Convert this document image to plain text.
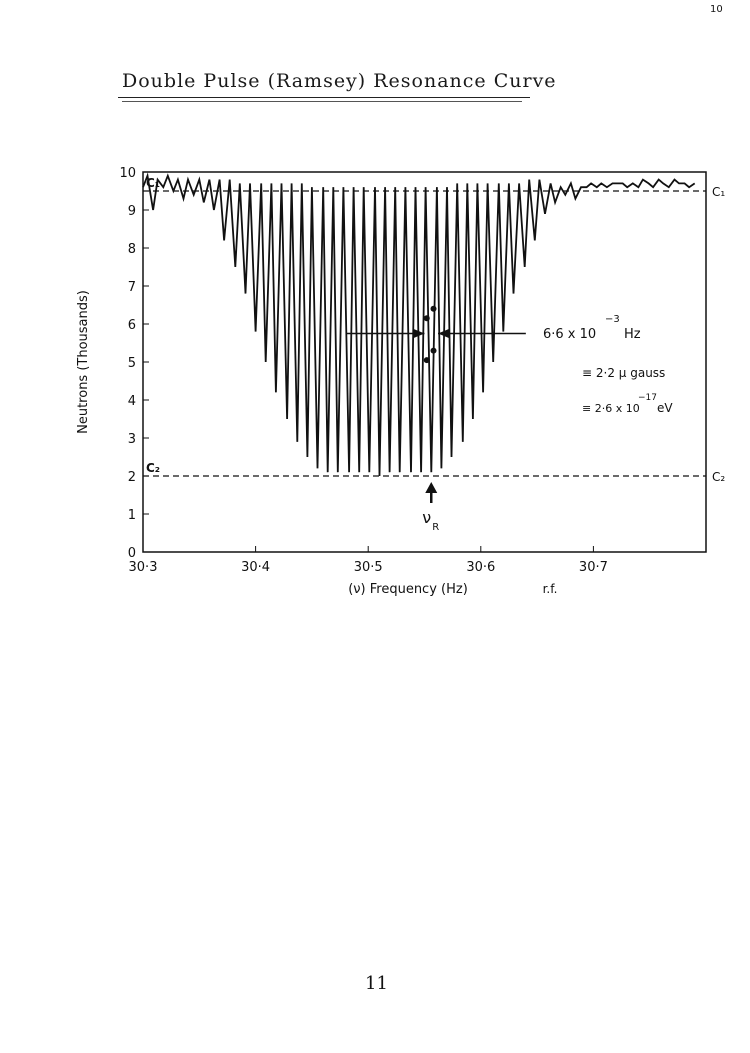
10
Double Pulse (Ramsey) Resonance Curve
0
1
2
3
4
5
6
7
8
9
10
30·3	30·4	30·5	30·6	30·7
C₁
C₁
C₂
C₂
6·6 x 10
−3
Hz
≡ 2·2 μ gauss
≡ 2·6 x 10
−17
eV
ν
R
Neutrons (Thousands)
(ν) Frequency (Hz)	r.f.
11
